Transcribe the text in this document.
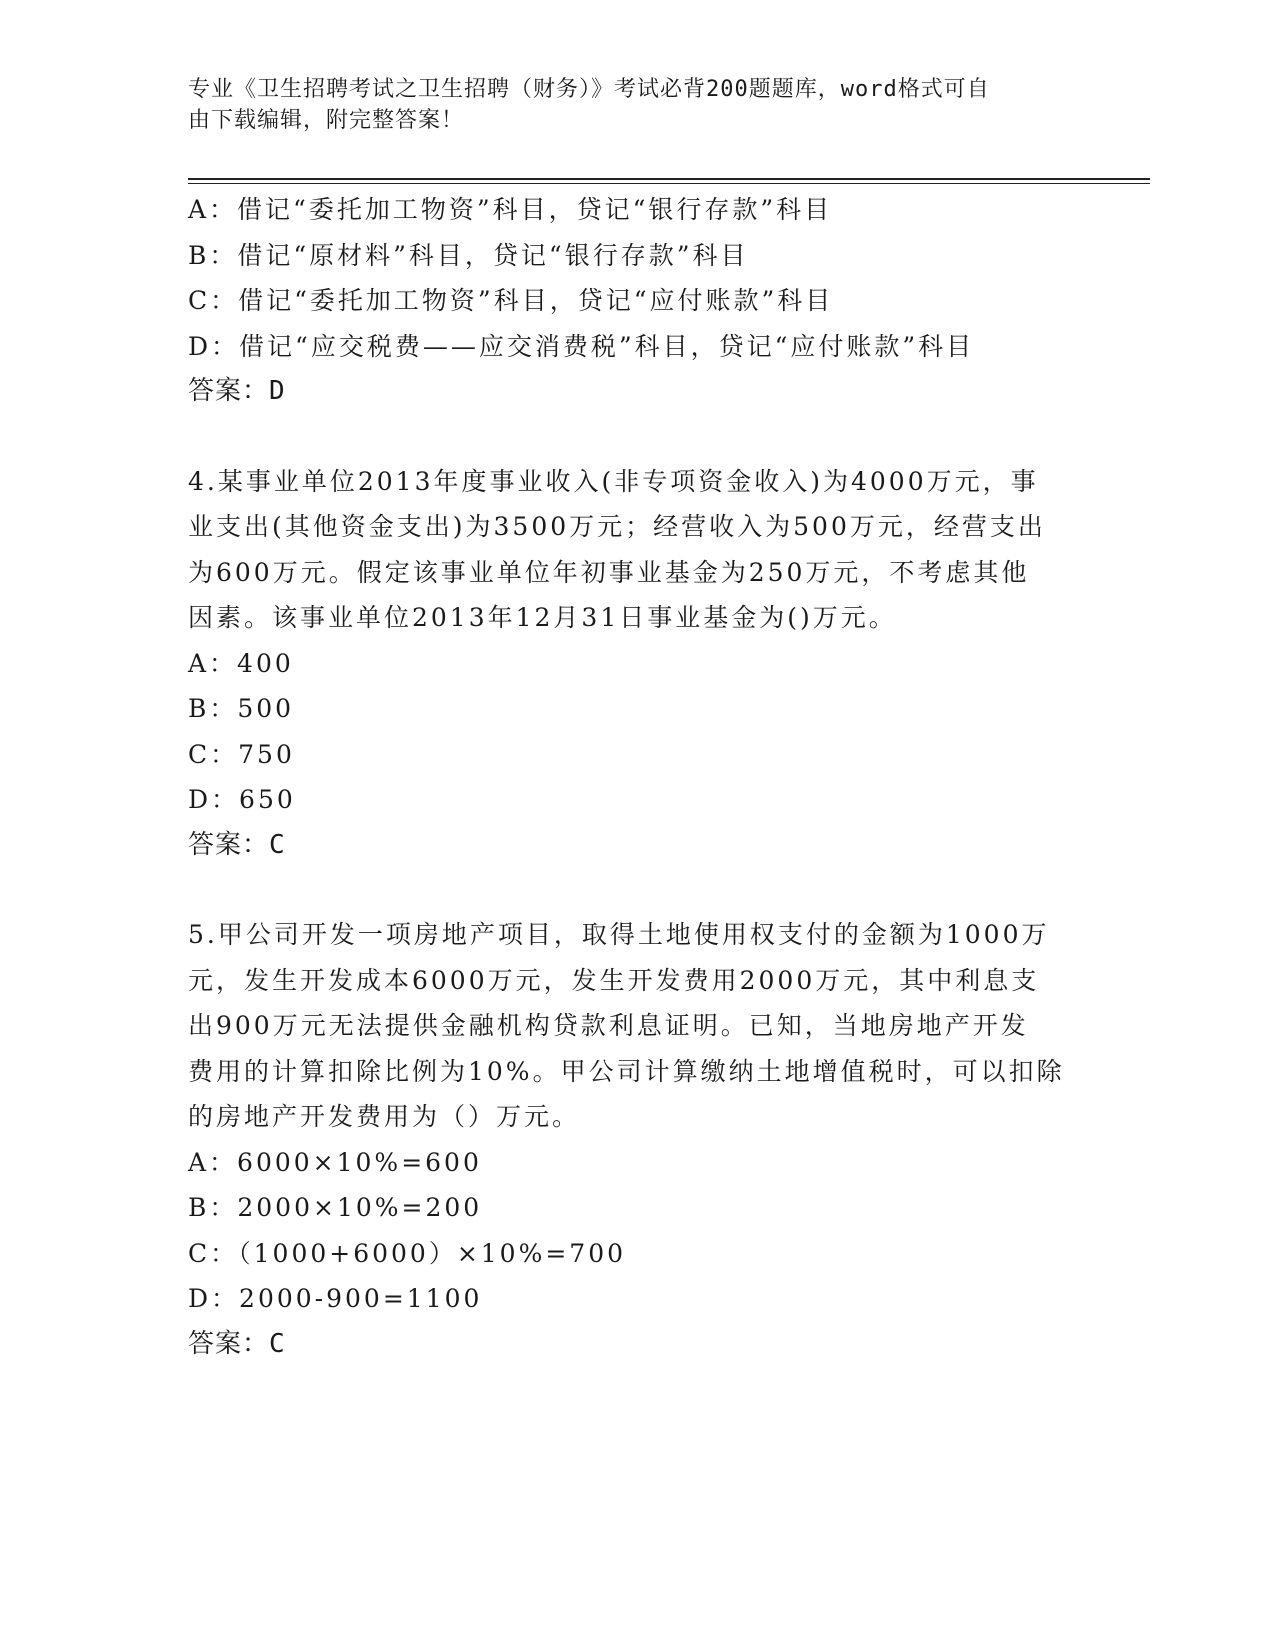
专业《卫生招聘考试之卫生招聘（财务）》考试必背200题题库，word格式可自
由下载编辑，附完整答案！
A：借记“委托加工物资”科目，贷记“银行存款”科目
B：借记“原材料”科目，贷记“银行存款”科目
C：借记“委托加工物资”科目，贷记“应付账款”科目
D：借记“应交税费——应交消费税”科目，贷记“应付账款”科目
答案：D
4.某事业单位2013年度事业收入(非专项资金收入)为4000万元，事
业支出(其他资金支出)为3500万元；经营收入为500万元，经营支出
为600万元。假定该事业单位年初事业基金为250万元，不考虑其他
因素。该事业单位2013年12月31日事业基金为()万元。
A：400
B：500
C：750
D：650
答案：C
5.甲公司开发一项房地产项目，取得土地使用权支付的金额为1000万
元，发生开发成本6000万元，发生开发费用2000万元，其中利息支
出900万元无法提供金融机构贷款利息证明。已知，当地房地产开发
费用的计算扣除比例为10%。甲公司计算缴纳土地增值税时，可以扣除
的房地产开发费用为（）万元。
A：6000×10%=600
B：2000×10%=200
C：（1000+6000）×10%=700
D：2000-900=1100
答案：C
